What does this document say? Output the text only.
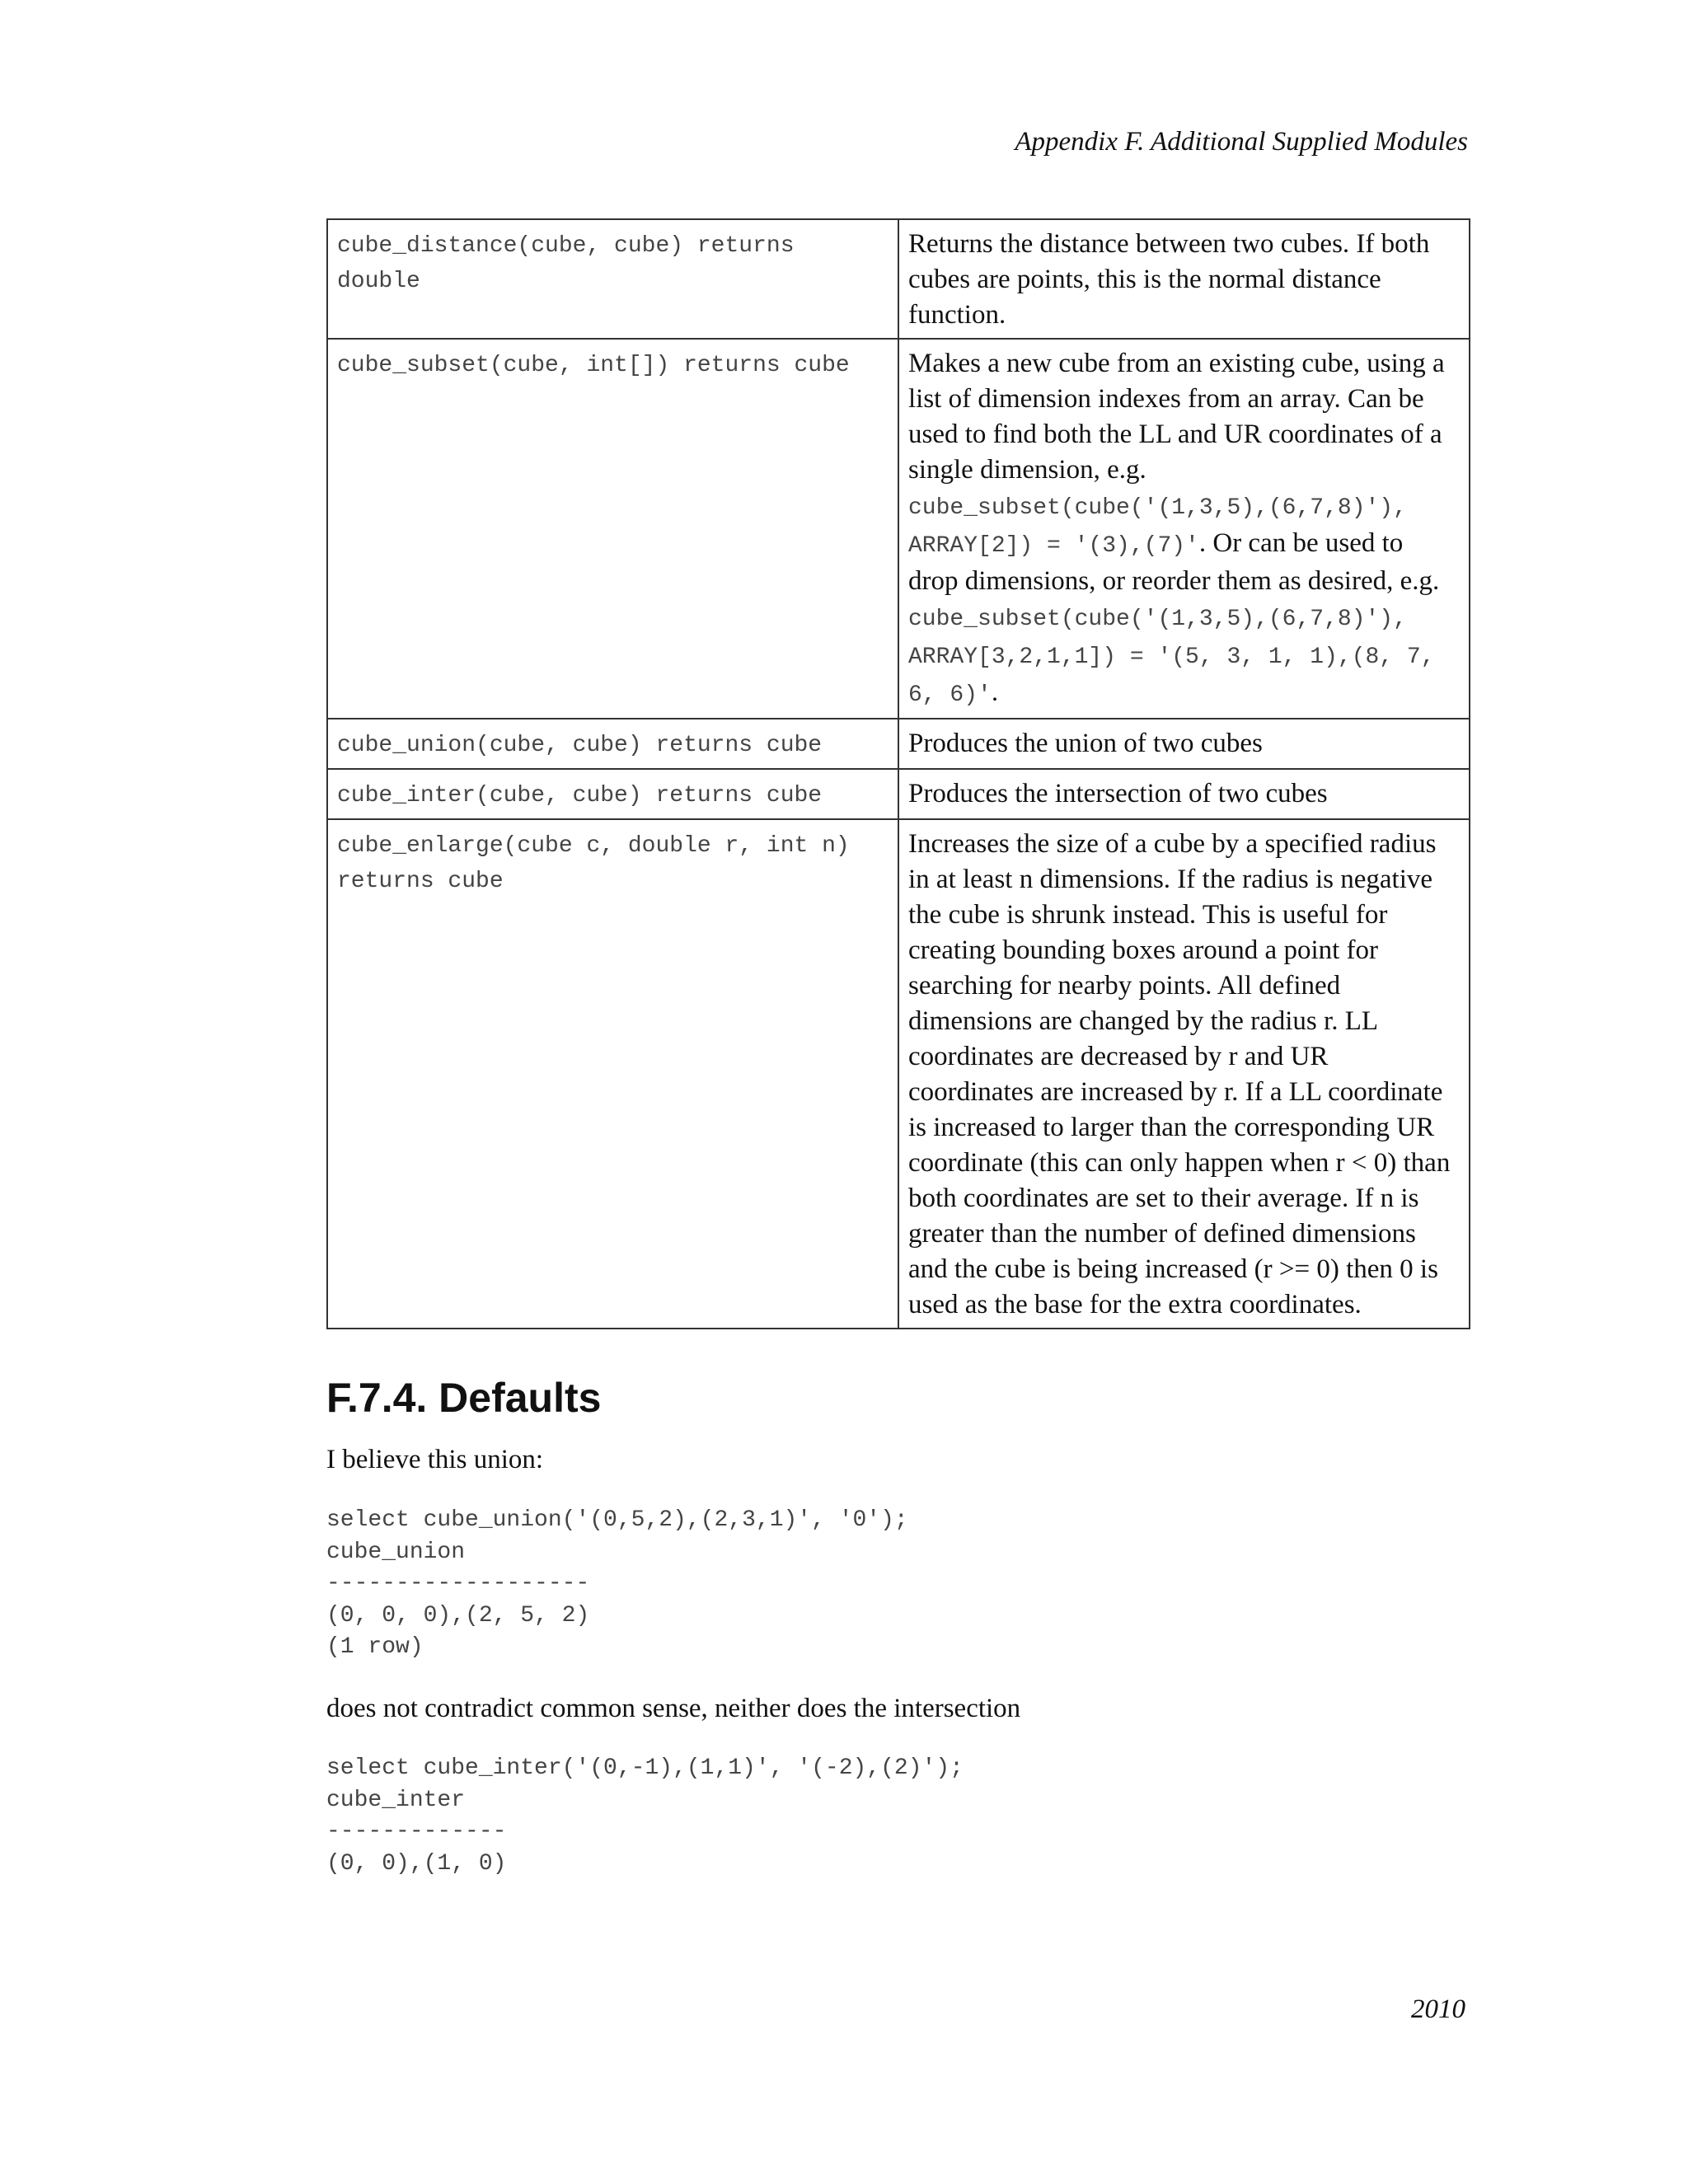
Appendix F. Additional Supplied Modules
cube_distance(cube, cube) returns double	Returns the distance between two cubes. If both cubes are points, this is the normal distance function.
cube_subset(cube, int[]) returns cube	Makes a new cube from an existing cube, using a list of dimension indexes from an array. Can be used to find both the LL and UR coordinates of a single dimension, e.g. cube_subset(cube('(1,3,5),(6,7,8)'), ARRAY[2]) = '(3),(7)'. Or can be used to drop dimensions, or reorder them as desired, e.g. cube_subset(cube('(1,3,5),(6,7,8)'), ARRAY[3,2,1,1]) = '(5, 3, 1, 1),(8, 7, 6, 6)'.
cube_union(cube, cube) returns cube	Produces the union of two cubes
cube_inter(cube, cube) returns cube	Produces the intersection of two cubes
cube_enlarge(cube c, double r, int n) returns cube	Increases the size of a cube by a specified radius in at least n dimensions. If the radius is negative the cube is shrunk instead. This is useful for creating bounding boxes around a point for searching for nearby points. All defined dimensions are changed by the radius r. LL coordinates are decreased by r and UR coordinates are increased by r. If a LL coordinate is increased to larger than the corresponding UR coordinate (this can only happen when r < 0) than both coordinates are set to their average. If n is greater than the number of defined dimensions and the cube is being increased (r >= 0) then 0 is used as the base for the extra coordinates.
F.7.4. Defaults

I believe this union:

select cube_union('(0,5,2),(2,3,1)', '0');
cube_union
-------------------
(0, 0, 0),(2, 5, 2)
(1 row)

does not contradict common sense, neither does the intersection

select cube_inter('(0,-1),(1,1)', '(-2),(2)');
cube_inter
-------------
(0, 0),(1, 0)
2010
